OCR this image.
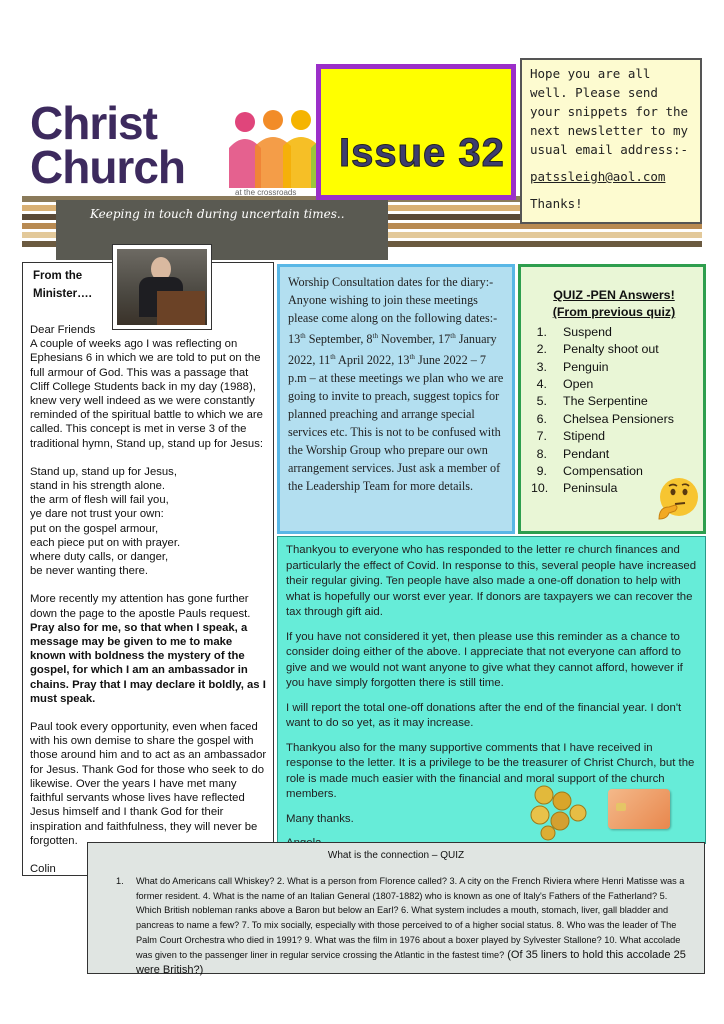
Christ
Church	at the crossroads
Issue 32
Hope you are all well. Please send your snippets for the next newsletter to my usual email address:-
patssleigh@aol.com
Thanks!
Keeping in touch during uncertain times..
From the Minister….
Dear Friends

A couple of weeks ago I was reflecting on Ephesians 6 in which we are told to put on the full armour of God. This was a passage that Cliff College Students back in my day (1988), knew very well indeed as we were constantly reminded of the spiritual battle to which we are called. This concept is met in verse 3 of the traditional hymn, Stand up, stand up for Jesus:

Stand up, stand up for Jesus,
stand in his strength alone.
the arm of flesh will fail you,
ye dare not trust your own:
put on the gospel armour,
each piece put on with prayer.
where duty calls, or danger,
be never wanting there.

More recently my attention has gone further down the page to the apostle Pauls request. Pray also for me, so that when I speak, a message may be given to me to make known with boldness the mystery of the gospel, for which I am an ambassador in chains. Pray that I may declare it boldly, as I must speak.

Paul took every opportunity, even when faced with his own demise to share the gospel with those around him and to act as an ambassador for Jesus. Thank God for those who seek to do likewise. Over the years I have met many faithful servants whose lives have reflected Jesus himself and I thank God for their inspiration and faithfulness, they will never be forgotten.

Colin
Worship Consultation dates for the diary:- Anyone wishing to join these meetings please come along on the following dates:- 13th September, 8th November, 17th January 2022, 11th April 2022, 13th June 2022 – 7 p.m – at these meetings we plan who we are going to invite to preach, suggest topics for planned preaching and arrange special services etc. This is not to be confused with the Worship Group who prepare our own arrangement services. Just ask a member of the Leadership Team for more details.
QUIZ -PEN Answers!
(From previous quiz)
1. Suspend
2. Penalty shoot out
3. Penguin
4. Open
5. The Serpentine
6. Chelsea Pensioners
7. Stipend
8. Pendant
9. Compensation
10. Peninsula

Thankyou to everyone who has responded to the letter re church finances and particularly the effect of Covid. In response to this, several people have increased their regular giving. Ten people have also made a one-off donation to help with what is hopefully our worst ever year. If donors are taxpayers we can recover the tax through gift aid.

If you have not considered it yet, then please use this reminder as a chance to consider doing either of the above. I appreciate that not everyone can afford to give and we would not want anyone to give what they cannot afford, however if you have simply forgotten there is still time.

I will report the total one-off donations after the end of the financial year. I don't want to do so yet, as it may increase.

Thankyou also for the many supportive comments that I have received in response to the letter. It is a privilege to be the treasurer of Christ Church, but the role is made much easier with the financial and moral support of the church members.

Many thanks.

What is the connection – QUIZ
1. What do Americans call Whiskey? 2. What is a person from Florence called? 3. A city on the French Riviera where Henri Matisse was a former resident. 4. What is the name of an Italian General (1807-1882) who is known as one of Italy's Fathers of the Fatherland? 5. Which British nobleman ranks above a Baron but below an Earl? 6. What system includes a mouth, stomach, liver, gall bladder and pancreas to name a few? 7. To mix socially, especially with those perceived to of a higher social status. 8. Who was the leader of The Palm Court Orchestra who died in 1991? 9. What was the film in 1976 about a boxer played by Sylvester Stallone? 10. What accolade was given to the passenger liner in regular service crossing the Atlantic in the fastest time? (Of 35 liners to hold this accolade 25 were British?)
